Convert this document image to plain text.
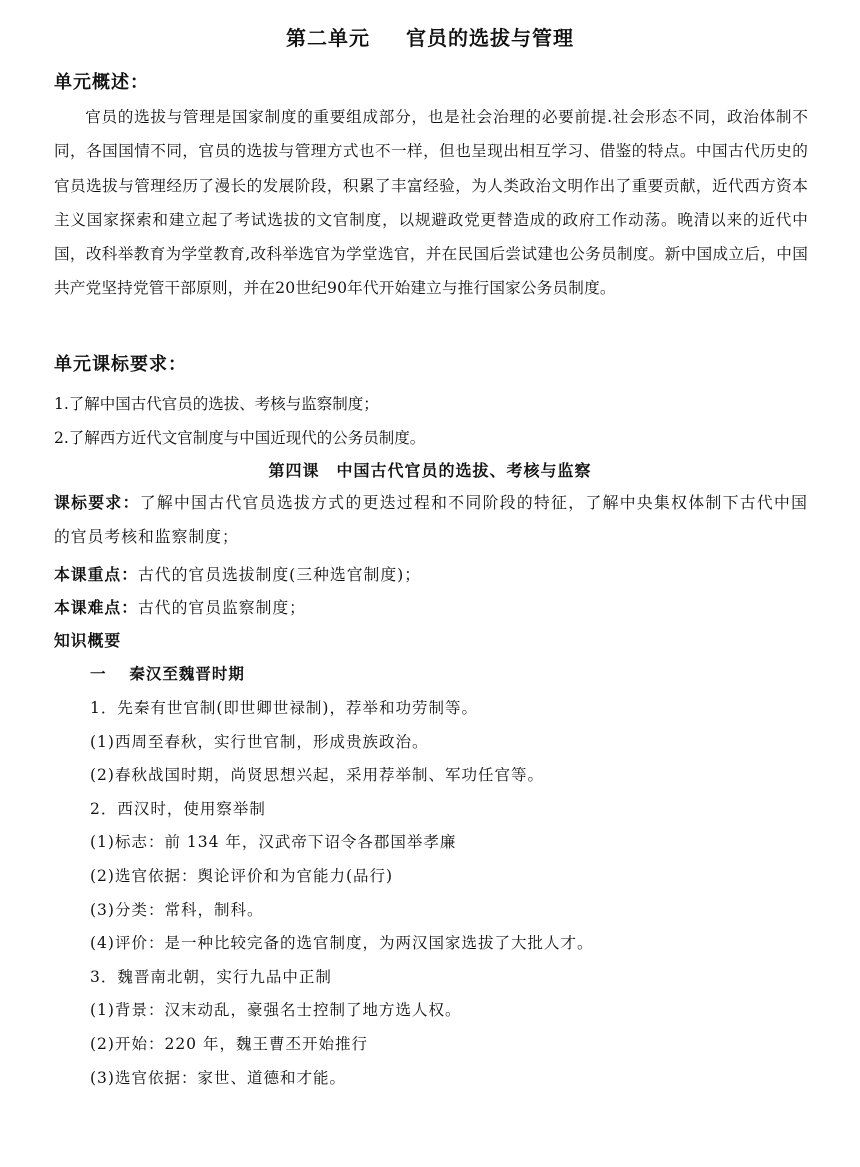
第二单元 官员的选拔与管理
单元概述：
官员的选拔与管理是国家制度的重要组成部分，也是社会治理的必要前提.社会形态不同，政治体制不同，各国国情不同，官员的选拔与管理方式也不一样，但也呈现出相互学习、借鉴的特点。中国古代历史的官员选拔与管理经历了漫长的发展阶段，积累了丰富经验，为人类政治文明作出了重要贡献，近代西方资本主义国家探索和建立起了考试选拔的文官制度，以规避政党更替造成的政府工作动荡。晚清以来的近代中国，改科举教育为学堂教育,改科举选官为学堂选官，并在民国后尝试建也公务员制度。新中国成立后，中国共产党坚持党管干部原则，并在20世纪90年代开始建立与推行国家公务员制度。
单元课标要求：
1.了解中国古代官员的选拔、考核与监察制度；
2.了解西方近代文官制度与中国近现代的公务员制度。
第四课　中国古代官员的选拔、考核与监察
课标要求：了解中国古代官员选拔方式的更迭过程和不同阶段的特征，了解中央集权体制下古代中国的官员考核和监察制度；
本课重点：古代的官员选拔制度(三种选官制度)；
本课难点：古代的官员监察制度；
知识概要
一　 秦汉至魏晋时期
1．先秦有世官制(即世卿世禄制)，荐举和功劳制等。
(1)西周至春秋，实行世官制，形成贵族政治。
(2)春秋战国时期，尚贤思想兴起，采用荐举制、军功任官等。
2．西汉时，使用察举制
(1)标志：前 134 年，汉武帝下诏令各郡国举孝廉
(2)选官依据：舆论评价和为官能力(品行)
(3)分类：常科，制科。
(4)评价：是一种比较完备的选官制度，为两汉国家选拔了大批人才。
3．魏晋南北朝，实行九品中正制
(1)背景：汉末动乱，豪强名士控制了地方选人权。
(2)开始：220 年，魏王曹丕开始推行
(3)选官依据：家世、道德和才能。
